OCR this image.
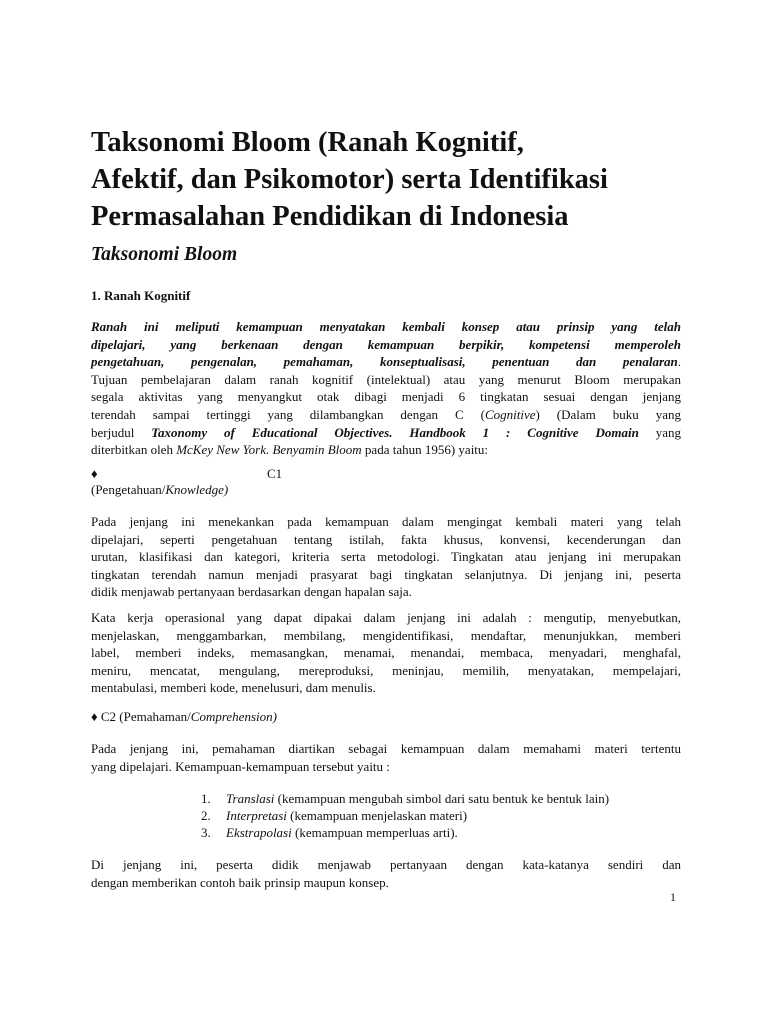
Taksonomi Bloom (Ranah Kognitif,
Afektif, dan Psikomotor) serta Identifikasi
Permasalahan Pendidikan di Indonesia
Taksonomi Bloom
1. Ranah Kognitif

Ranah ini meliputi kemampuan menyatakan kembali konsep atau prinsip yang telah
dipelajari, yang berkenaan dengan kemampuan berpikir, kompetensi memperoleh
pengetahuan, pengenalan, pemahaman, konseptualisasi, penentuan dan penalaran.
Tujuan pembelajaran dalam ranah kognitif (intelektual) atau yang menurut Bloom merupakan
segala aktivitas yang menyangkut otak dibagi menjadi 6 tingkatan sesuai dengan jenjang
terendah sampai tertinggi yang dilambangkan dengan C (Cognitive) (Dalam buku yang
berjudul Taxonomy of Educational Objectives. Handbook 1 : Cognitive Domain yang
diterbitkan oleh McKey New York. Benyamin Bloom pada tahun 1956) yaitu:

♦	C1
(Pengetahuan/Knowledge)

Pada jenjang ini menekankan pada kemampuan dalam mengingat kembali materi yang telah
dipelajari, seperti pengetahuan tentang istilah, fakta khusus, konvensi, kecenderungan dan
urutan, klasifikasi dan kategori, kriteria serta metodologi. Tingkatan atau jenjang ini merupakan
tingkatan terendah namun menjadi prasyarat bagi tingkatan selanjutnya. Di jenjang ini, peserta
didik menjawab pertanyaan berdasarkan dengan hapalan saja.

Kata kerja operasional yang dapat dipakai dalam jenjang ini adalah : mengutip, menyebutkan,
menjelaskan, menggambarkan, membilang, mengidentifikasi, mendaftar, menunjukkan, memberi
label, memberi indeks, memasangkan, menamai, menandai, membaca, menyadari, menghafal,
meniru, mencatat, mengulang, mereproduksi, meninjau, memilih, menyatakan, mempelajari,
mentabulasi, memberi kode, menelusuri, dam menulis.

♦ C2 (Pemahaman/Comprehension)

Pada jenjang ini, pemahaman diartikan sebagai kemampuan dalam memahami materi tertentu
yang dipelajari. Kemampuan-kemampuan tersebut yaitu :

1. Translasi (kemampuan mengubah simbol dari satu bentuk ke bentuk lain)
2. Interpretasi (kemampuan menjelaskan materi)
3. Ekstrapolasi (kemampuan memperluas arti).

Di jenjang ini, peserta didik menjawab pertanyaan dengan kata-katanya sendiri dan
dengan memberikan contoh baik prinsip maupun konsep.

1
